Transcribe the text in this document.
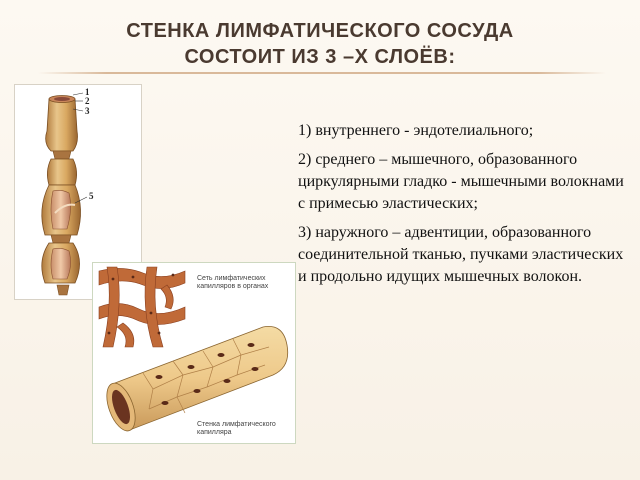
СТЕНКА ЛИМФАТИЧЕСКОГО СОСУДА
СОСТОИТ ИЗ 3 –Х СЛОЁВ:
1
2
3
5
Сеть лимфатических капилляров в органах
Стенка лимфатического капилляра

1) внутреннего - эндотелиального;

2) среднего – мышечного, образованного циркулярными гладко - мышечными волокнами с примесью эластических;

3) наружного – адвентиции, образованного соединительной тканью, пучками эластических и продольно идущих мышечных волокон.
